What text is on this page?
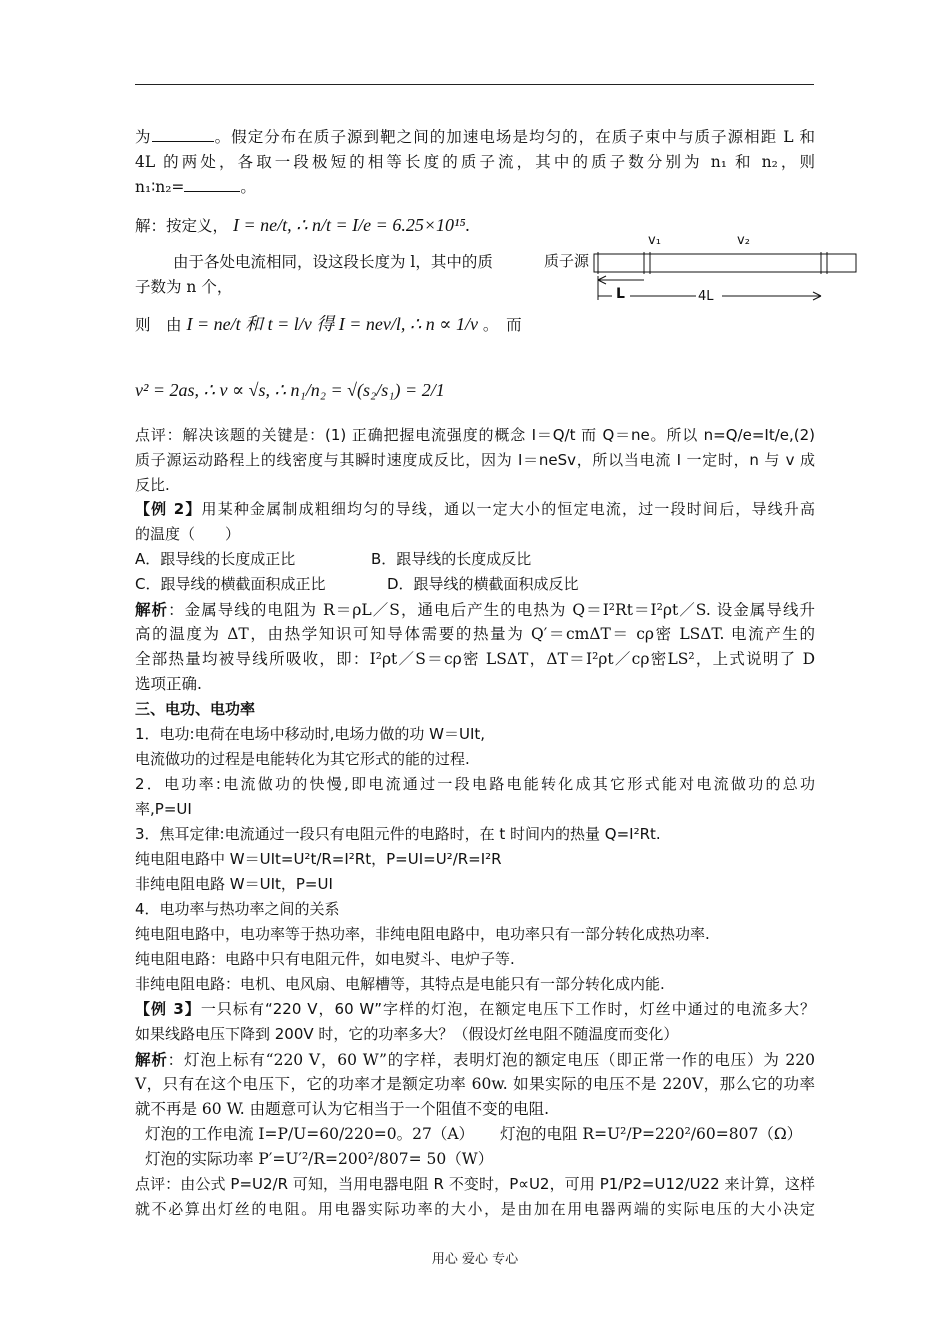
为	。假定分布在质子源到靶之间的加速电场是均匀的，在质子束中与质子源相距 L 和
4L 的两处，各取一段极短的相等长度的质子流，其中的质子数分别为 n₁ 和 n₂，则
n₁∶n₂=	。
解：按定义， I = ne/t, ∴ n/t = I/e = 6.25×10¹⁵.
由于各处电流相同，设这段长度为 l，其中的质
子数为 n 个，
质子源
v₁	v₂
L	4L
则　由 I = ne/t 和 t = l/v 得 I = nev/l, ∴ n ∝ 1/v 。　而
v² = 2as, ∴ v ∝ √s, ∴ n₁/n₂ = √(s₂/s₁) = 2/1
点评：解决该题的关键是：(1) 正确把握电流强度的概念 I＝Q/t 而 Q＝ne。所以 n=Q/e=It/e,(2)
质子源运动路程上的线密度与其瞬时速度成反比，因为 I＝neSv，所以当电流 I 一定时，n 与 v 成
反比.
【例 2】用某种金属制成粗细均匀的导线，通以一定大小的恒定电流，过一段时间后，导线升高
的温度（　　）
A．跟导线的长度成正比	B．跟导线的长度成反比
C．跟导线的横截面积成正比	D．跟导线的横截面积成反比
解析：金属导线的电阻为 R＝ρL／S，通电后产生的电热为 Q＝I²Rt＝I²ρt／S. 设金属导线升
高的温度为 ΔT，由热学知识可知导体需要的热量为 Q′＝cmΔT＝ cρ密 LSΔT. 电流产生的
全部热量均被导线所吸收，即：I²ρt／S＝cρ密 LSΔT，ΔT＝I²ρt／cρ密LS²，上式说明了 D
选项正确.
三、电功、电功率
1．电功:电荷在电场中移动时,电场力做的功 W＝UIt,
电流做功的过程是电能转化为其它形式的能的过程.
2．电功率:电流做功的快慢,即电流通过一段电路电能转化成其它形式能对电流做功的总功
率,P=UI
3．焦耳定律:电流通过一段只有电阻元件的电路时，在 t 时间内的热量 Q=I²Rt.
纯电阻电路中 W＝UIt=U²t/R=I²Rt，P=UI=U²/R=I²R
非纯电阻电路 W＝UIt，P=UI
4．电功率与热功率之间的关系
纯电阻电路中，电功率等于热功率，非纯电阻电路中，电功率只有一部分转化成热功率.
纯电阻电路：电路中只有电阻元件，如电熨斗、电炉子等.
非纯电阻电路：电机、电风扇、电解槽等，其特点是电能只有一部分转化成内能.
【例 3】一只标有“220 V，60 W”字样的灯泡，在额定电压下工作时，灯丝中通过的电流多大？
如果线路电压下降到 200V 时，它的功率多大？（假设灯丝电阻不随温度而变化）
解析：灯泡上标有“220 V，60 W”的字样，表明灯泡的额定电压（即正常一作的电压）为 220
V，只有在这个电压下，它的功率才是额定功率 60w. 如果实际的电压不是 220V，那么它的功率
就不再是 60 W. 由题意可认为它相当于一个阻值不变的电阻.
灯泡的工作电流 I=P/U=60/220=0。27（A） 灯泡的电阻 R=U²/P=220²/60=807（Ω）
灯泡的实际功率 P′=U′²/R=200²/807= 50（W）
点评：由公式 P=U2/R 可知，当用电器电阻 R 不变时，P∝U2，可用 P1/P2=U12/U22 来计算，这样
就不必算出灯丝的电阻。用电器实际功率的大小，是由加在用电器两端的实际电压的大小决定
用心 爱心 专心
